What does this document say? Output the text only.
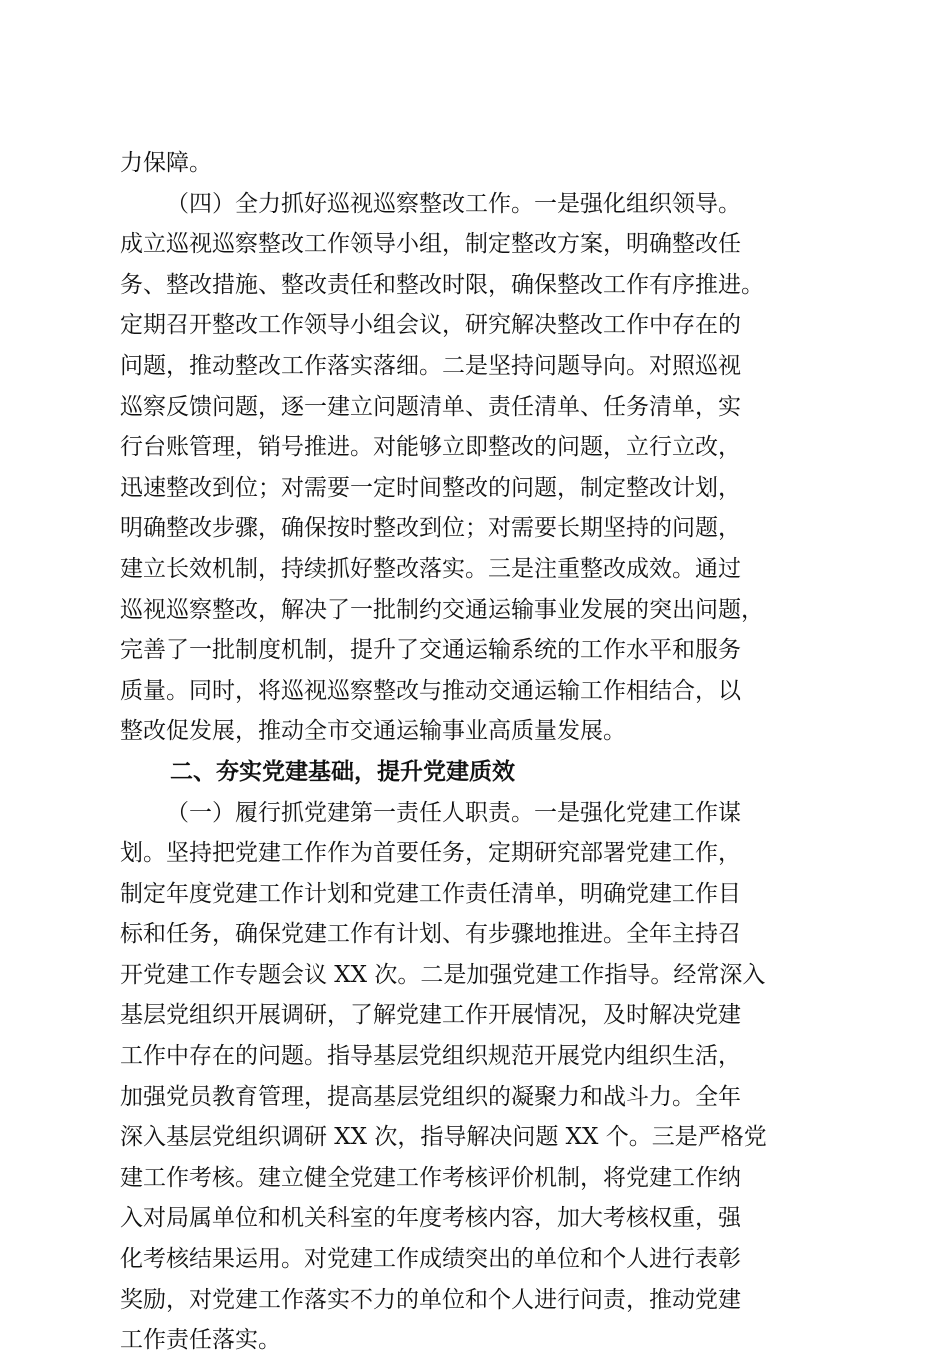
力保障。
（四）全力抓好巡视巡察整改工作。一是强化组织领导。
成立巡视巡察整改工作领导小组，制定整改方案，明确整改任
务、整改措施、整改责任和整改时限，确保整改工作有序推进。
定期召开整改工作领导小组会议，研究解决整改工作中存在的
问题，推动整改工作落实落细。二是坚持问题导向。对照巡视
巡察反馈问题，逐一建立问题清单、责任清单、任务清单，实
行台账管理，销号推进。对能够立即整改的问题，立行立改，
迅速整改到位；对需要一定时间整改的问题，制定整改计划，
明确整改步骤，确保按时整改到位；对需要长期坚持的问题，
建立长效机制，持续抓好整改落实。三是注重整改成效。通过
巡视巡察整改，解决了一批制约交通运输事业发展的突出问题，
完善了一批制度机制，提升了交通运输系统的工作水平和服务
质量。同时，将巡视巡察整改与推动交通运输工作相结合，以
整改促发展，推动全市交通运输事业高质量发展。
二、夯实党建基础，提升党建质效
（一）履行抓党建第一责任人职责。一是强化党建工作谋
划。坚持把党建工作作为首要任务，定期研究部署党建工作，
制定年度党建工作计划和党建工作责任清单，明确党建工作目
标和任务，确保党建工作有计划、有步骤地推进。全年主持召
开党建工作专题会议 XX 次。二是加强党建工作指导。经常深入
基层党组织开展调研，了解党建工作开展情况，及时解决党建
工作中存在的问题。指导基层党组织规范开展党内组织生活，
加强党员教育管理，提高基层党组织的凝聚力和战斗力。全年
深入基层党组织调研 XX 次，指导解决问题 XX 个。三是严格党
建工作考核。建立健全党建工作考核评价机制，将党建工作纳
入对局属单位和机关科室的年度考核内容，加大考核权重，强
化考核结果运用。对党建工作成绩突出的单位和个人进行表彰
奖励，对党建工作落实不力的单位和个人进行问责，推动党建
工作责任落实。
